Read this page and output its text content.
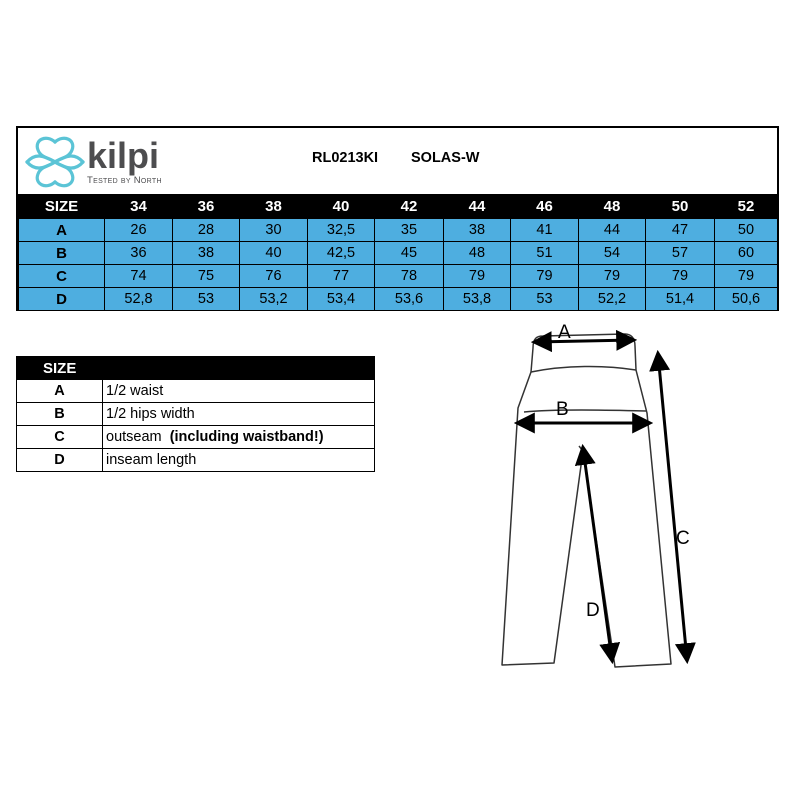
kilpi
Tested by North
RL0213KI SOLAS-W
SIZE	34	36	38	40	42	44	46	48	50	52
A	26	28	30	32,5	35	38	41	44	47	50
B	36	38	40	42,5	45	48	51	54	57	60
C	74	75	76	77	78	79	79	79	79	79
D	52,8	53	53,2	53,4	53,6	53,8	53	52,2	51,4	50,6
SIZE	
A	1/2 waist
B	1/2 hips width
C	outseam  (including waistband!)
D	inseam length
A
B
C
D
